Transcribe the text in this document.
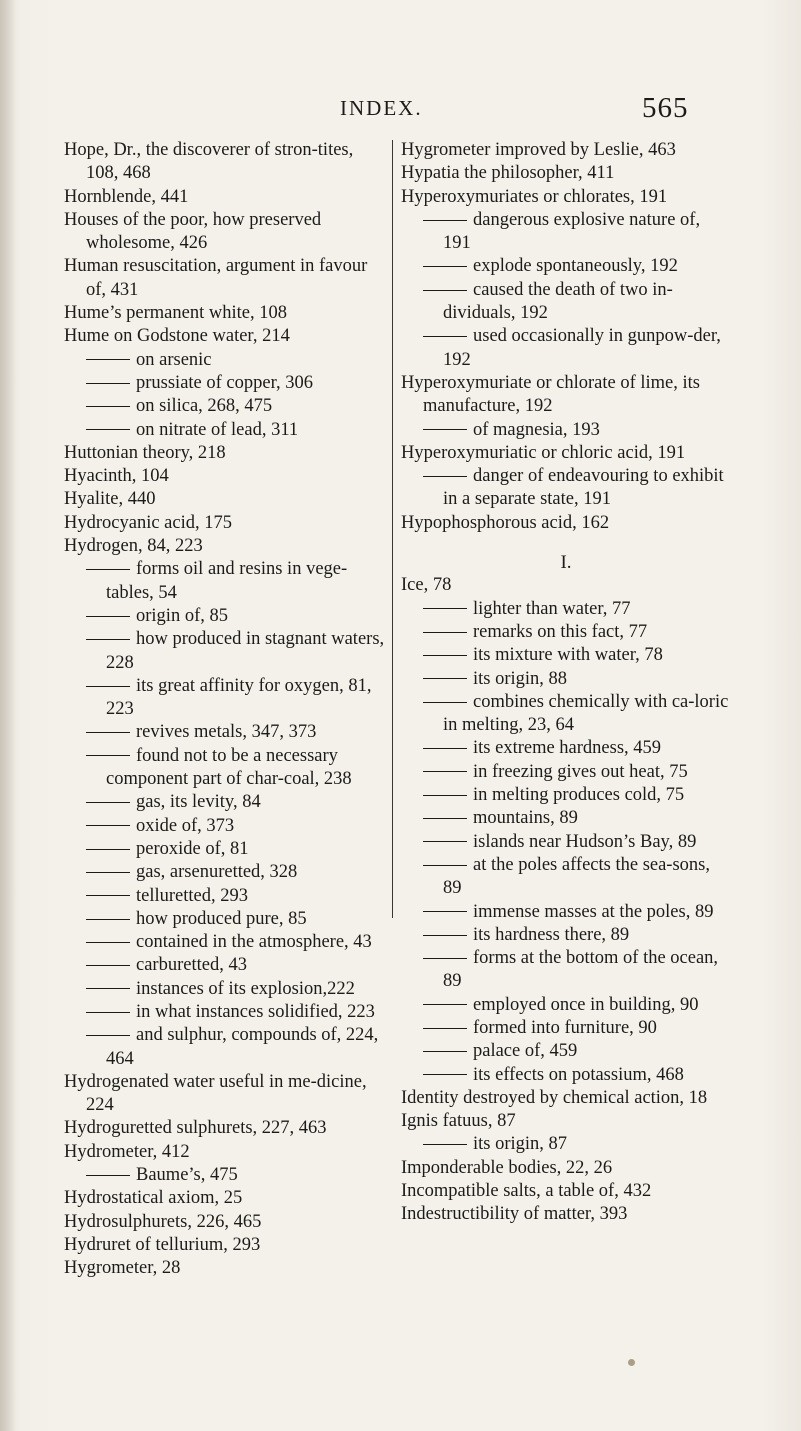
INDEX.	565

Hope, Dr., the discoverer of stron-tites, 108, 468

Hornblende, 441

Houses of the poor, how preserved wholesome, 426

Human resuscitation, argument in favour of, 431

Hume’s permanent white, 108

Hume on Godstone water, 214

on arsenic

prussiate of copper, 306

on silica, 268, 475

on nitrate of lead, 311

Huttonian theory, 218

Hyacinth, 104

Hyalite, 440

Hydrocyanic acid, 175

Hydrogen, 84, 223

forms oil and resins in vege-tables, 54

origin of, 85

how produced in stagnant waters, 228

its great affinity for oxygen, 81, 223

revives metals, 347, 373

found not to be a necessary component part of char-coal, 238

gas, its levity, 84

oxide of, 373

peroxide of, 81

gas, arsenuretted, 328

telluretted, 293

how produced pure, 85

contained in the atmosphere, 43

carburetted, 43

instances of its explosion,222

in what instances solidified, 223

and sulphur, compounds of, 224, 464

Hydrogenated water useful in me-dicine, 224

Hydroguretted sulphurets, 227, 463

Hydrometer, 412

Baume’s, 475

Hydrostatical axiom, 25

Hydrosulphurets, 226, 465

Hydruret of tellurium, 293

Hygrometer, 28

Hygrometer improved by Leslie, 463

Hypatia the philosopher, 411

Hyperoxymuriates or chlorates, 191

dangerous explosive nature of, 191

explode spontaneously, 192

caused the death of two in-dividuals, 192

used occasionally in gunpow-der, 192

Hyperoxymuriate or chlorate of lime, its manufacture, 192

of magnesia, 193

Hyperoxymuriatic or chloric acid, 191

danger of endeavouring to exhibit in a separate state, 191

Hypophosphorous acid, 162

I.

Ice, 78

lighter than water, 77

remarks on this fact, 77

its mixture with water, 78

its origin, 88

combines chemically with ca-loric in melting, 23, 64

its extreme hardness, 459

in freezing gives out heat, 75

in melting produces cold, 75

mountains, 89

islands near Hudson’s Bay, 89

at the poles affects the sea-sons, 89

immense masses at the poles, 89

its hardness there, 89

forms at the bottom of the ocean, 89

employed once in building, 90

formed into furniture, 90

palace of, 459

its effects on potassium, 468

Identity destroyed by chemical action, 18

Ignis fatuus, 87

its origin, 87

Imponderable bodies, 22, 26

Incompatible salts, a table of, 432

Indestructibility of matter, 393
